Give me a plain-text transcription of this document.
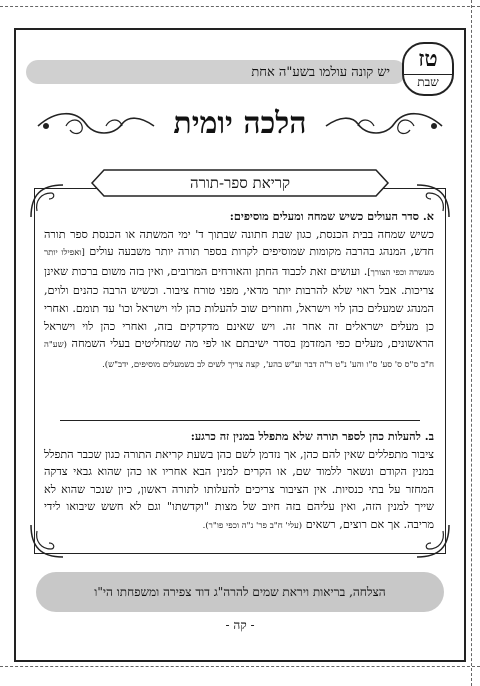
יש קונה עולמו בשע"ה אחת
טז
שבת
הלכה יומית
קריאת ספר-תורה
א. סדר העולים כשיש שמחה ומעלים מוסיפים:
כשיש שמחה בבית הכנסת, כגון שבת חתונה שבתוך ד' ימי המשתה או הכנסת ספר תורה חדש, המנהג בהרבה מקומות שמוסיפים לקרות בספר תורה יותר משבעה עולים [ואפילו יותר מעשרה וכפי הצורך]. ועושים זאת לכבוד החתן והאורחים המרובים, ואין בזה משום ברכות שאינן צריכות. אבל ראוי שלא להרבות יותר מדאי, מפני טורח ציבור. וכשיש הרבה כהנים ולוים, המנהג שמעלים כהן לוי וישראל, וחוזרים שוב להעלות כהן לוי וישראל וכו' עד תומם. ואחרי כן מעלים ישראלים זה אחר זה. ויש שאינם מדקדקים בזה, ואחרי כהן לוי וישראל הראשונים, מעלים כפי המזדמן בסדר ישיבתם או לפי מה שמחליטים בעלי השמחה (שע"ה ח"ב ס"ס ס' סע' ס"ו והע' נ"ט ד"ה דבר וע"ש בהע', קצה צריך לשים לב כשמעלים מוסיפים, ידב"ש).
ב. להעלות כהן לספר תורה שלא מתפלל במנין זה כרגע:
ציבור מתפללים שאין להם כהן, אך נזדמן לשם כהן בשעת קריאת התורה כגון שכבר התפלל במנין הקודם ונשאר ללמוד שם, או הקרים למנין הבא אחריו או כהן שהוא גבאי צדקה המחזר על בתי כנסיות. אין הציבור צריכים להעלותו לתורה ראשון, כיון שנכר שהוא לא שייך למנין הזה, ואין עליהם בזה חיוב של מצות "וקדשתו" וגם לא חשש שיבואו לידי מריבה. אך אם רוצים, רשאים (עלי' ח"ב פר' נ"ה וכפי פו"ר).
הצלחה, בריאות ויראת שמים להרה"ג דוד צפירה ומשפחתו הי"ו
- קה -
